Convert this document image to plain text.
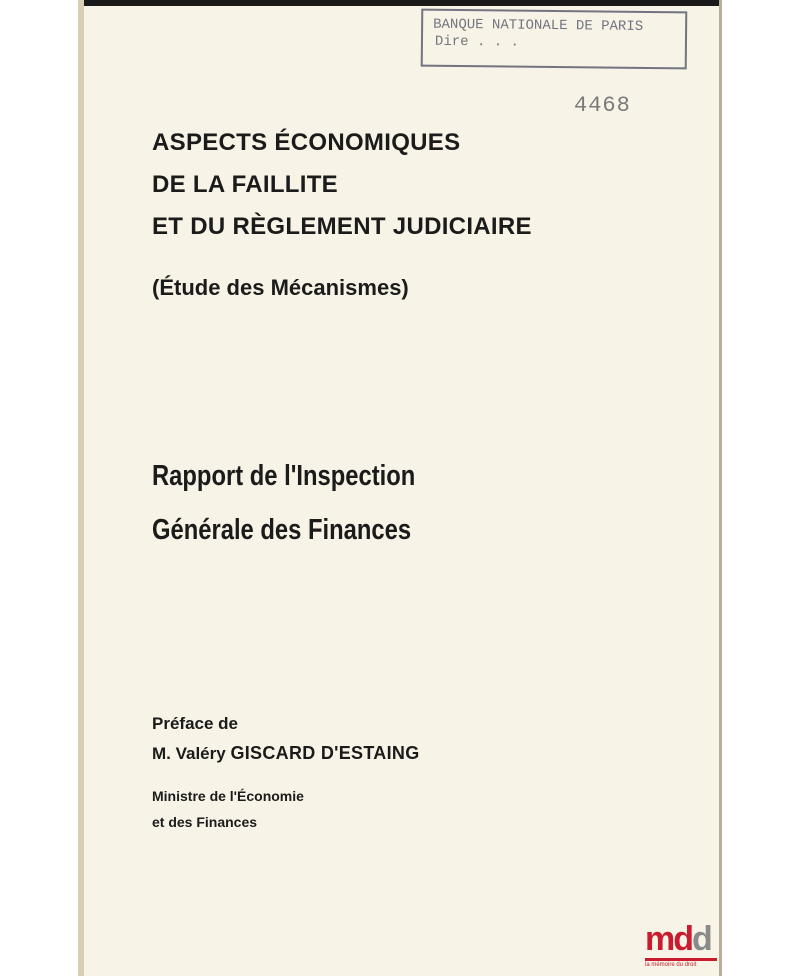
BANQUE NATIONALE DE PARIS
Dire . . .
4468
ASPECTS ÉCONOMIQUES
DE LA FAILLITE
ET DU RÈGLEMENT JUDICIAIRE
(Étude des Mécanismes)
Rapport de l'Inspection
Générale des Finances
Préface de
M. Valéry GISCARD D'ESTAING
Ministre de l'Économie
et des Finances
mdd
la mémoire du droit
